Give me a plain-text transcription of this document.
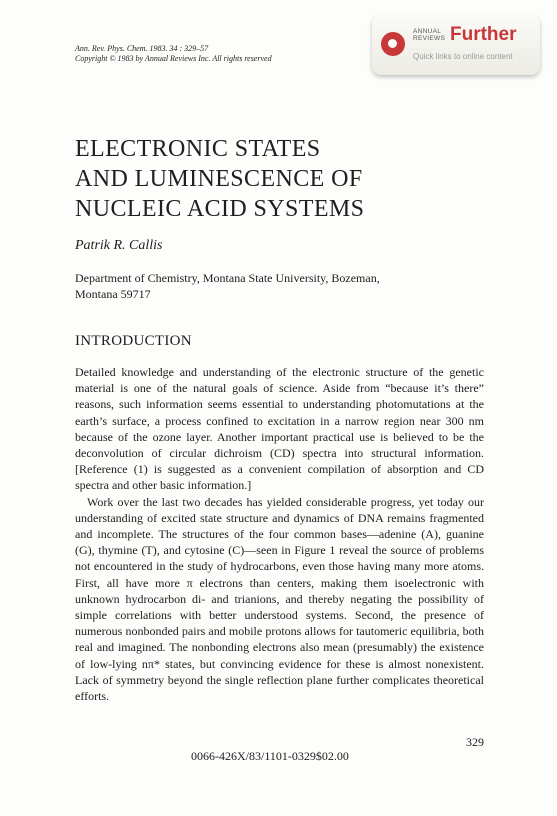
Ann. Rev. Phys. Chem. 1983. 34 : 329–57
Copyright © 1983 by Annual Reviews Inc. All rights reserved
ANNUAL
REVIEWS Further
Quick links to online content
ELECTRONIC STATES
AND LUMINESCENCE OF
NUCLEIC ACID SYSTEMS
Patrik R. Callis
Department of Chemistry, Montana State University, Bozeman,
Montana 59717
INTRODUCTION

Detailed knowledge and understanding of the electronic structure of the genetic material is one of the natural goals of science. Aside from “because it’s there” reasons, such information seems essential to understanding photomutations at the earth’s surface, a process confined to excitation in a narrow region near 300 nm because of the ozone layer. Another important practical use is believed to be the deconvolution of circular dichroism (CD) spectra into structural information. [Reference (1) is suggested as a convenient compilation of absorption and CD spectra and other basic information.]

Work over the last two decades has yielded considerable progress, yet today our understanding of excited state structure and dynamics of DNA remains fragmented and incomplete. The structures of the four common bases—adenine (A), guanine (G), thymine (T), and cytosine (C)—seen in Figure 1 reveal the source of problems not encountered in the study of hydrocarbons, even those having many more atoms. First, all have more π electrons than centers, making them isoelectronic with unknown hydrocarbon di- and trianions, and thereby negating the possibility of simple correlations with better understood systems. Second, the presence of numerous nonbonded pairs and mobile protons allows for tautomeric equilibria, both real and imagined. The nonbonding electrons also mean (presumably) the existence of low-lying nπ* states, but convincing evidence for these is almost nonexistent. Lack of symmetry beyond the single reflection plane further complicates theoretical efforts.

329
0066-426X/83/1101-0329$02.00
